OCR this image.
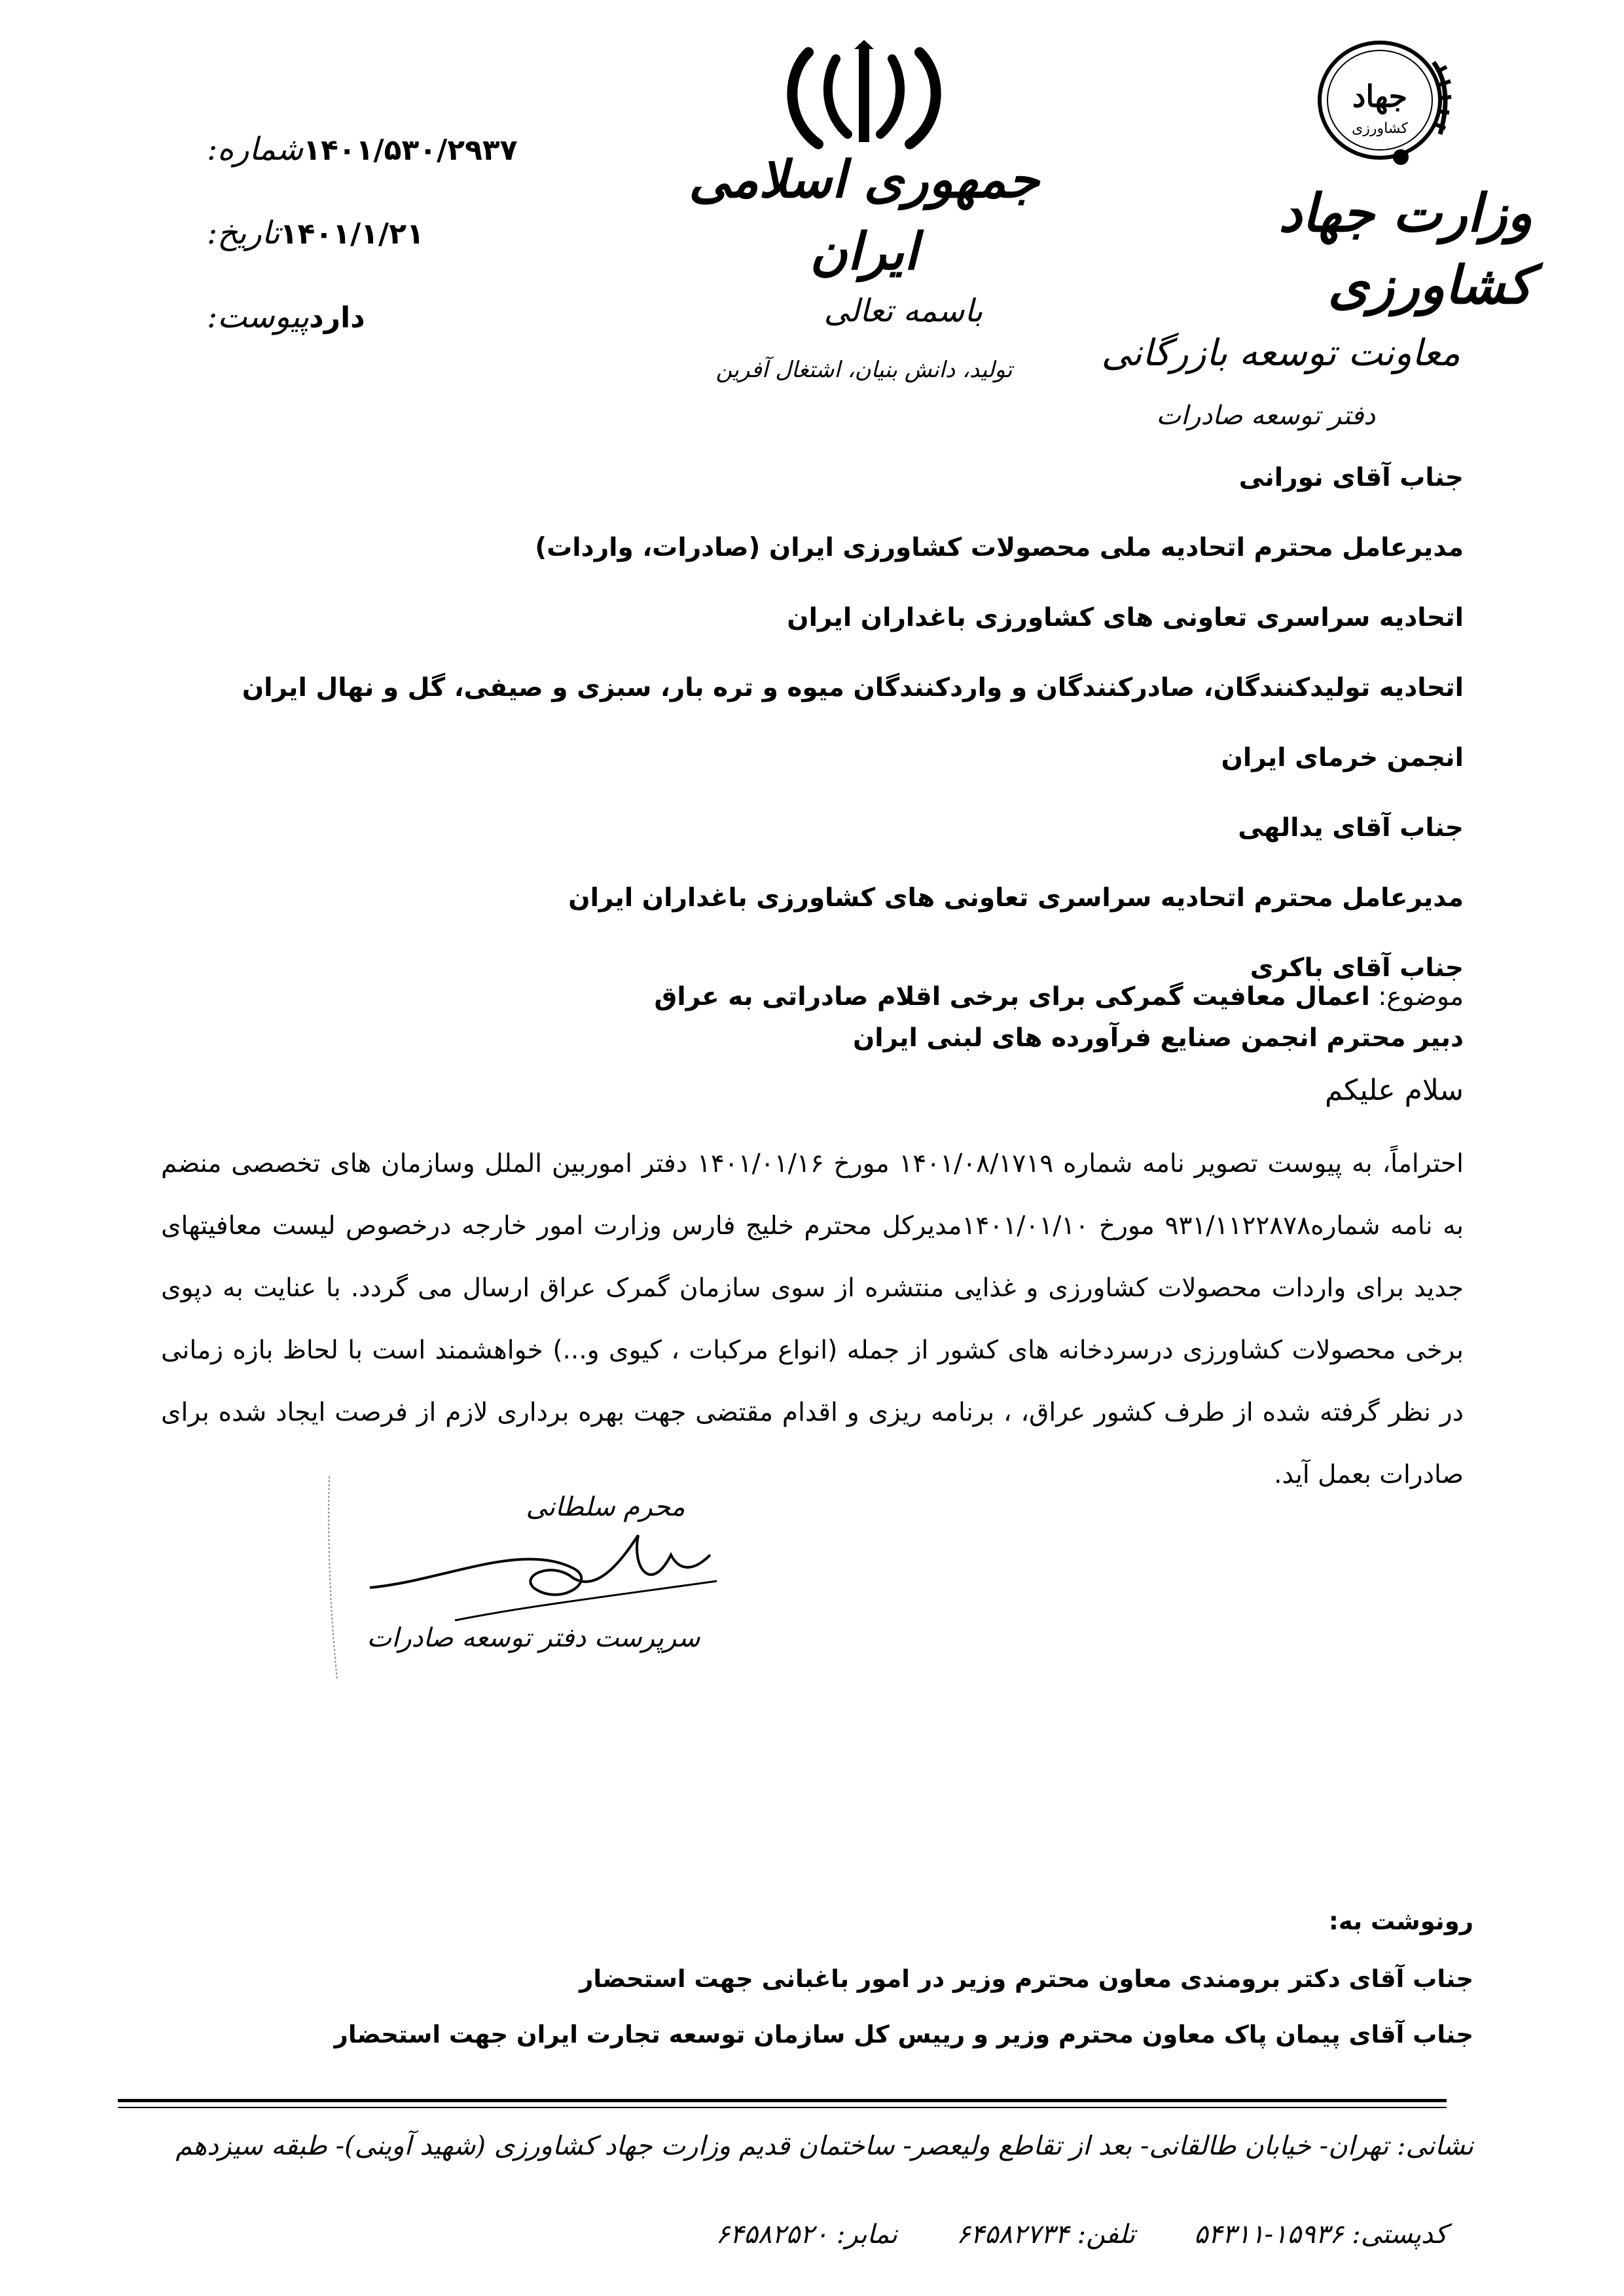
جهاد
کشاورزی
وزارت جهاد کشاورزی
معاونت توسعه بازرگانی
دفتر توسعه صادرات
جمهوری اسلامی ایران
باسمه تعالی
تولید، دانش بنیان، اشتغال آفرین
شماره: ۱۴۰۱/۵۳۰/۲۹۳۷
تاریخ: ۱۴۰۱/۱/۲۱
پیوست: دارد
جناب آقای نورانی
مدیرعامل محترم اتحادیه ملی محصولات کشاورزی ایران (صادرات، واردات)
اتحادیه سراسری تعاونی های کشاورزی باغداران ایران
اتحادیه تولیدکنندگان، صادرکنندگان و واردکنندگان میوه و تره بار، سبزی و صیفی، گل و نهال ایران
انجمن خرمای ایران
جناب آقای یدالهی
مدیرعامل محترم اتحادیه سراسری تعاونی های کشاورزی باغداران ایران
جناب آقای باکری
دبیر محترم انجمن صنایع فرآورده های لبنی ایران
موضوع: اعمال معافیت گمرکی برای برخی اقلام صادراتی به عراق
سلام علیکم
احتراماً، به پیوست تصویر نامه شماره ۱۴۰۱/۰۸/۱۷۱۹ مورخ ۱۴۰۱/۰۱/۱۶ دفتر اموربین الملل وسازمان های تخصصی منضم به نامه شماره۹۳۱/۱۱۲۲۸۷۸ مورخ ۱۴۰۱/۰۱/۱۰مدیرکل محترم خلیج فارس وزارت امور خارجه درخصوص لیست معافیتهای جدید برای واردات محصولات کشاورزی و غذایی منتشره از سوی سازمان گمرک عراق ارسال می گردد. با عنایت به دپوی برخی محصولات کشاورزی درسردخانه های کشور از جمله (انواع مرکبات ، کیوی و...) خواهشمند است با لحاظ بازه زمانی در نظر گرفته شده از طرف کشور عراق، ، برنامه ریزی و اقدام مقتضی جهت بهره برداری لازم از فرصت ایجاد شده برای صادرات بعمل آید.
محرم سلطانی
سرپرست دفتر توسعه صادرات
رونوشت به:
جناب آقای دکتر برومندی معاون محترم وزیر در امور باغبانی جهت استحضار
جناب آقای پیمان پاک معاون محترم وزیر و رییس کل سازمان توسعه تجارت ایران جهت استحضار
نشانی: تهران- خیابان طالقانی- بعد از تقاطع ولیعصر- ساختمان قدیم وزارت جهاد کشاورزی (شهید آوینی)- طبقه سیزدهم
کدپستی: ۱۵۹۳۶-۵۴۳۱۱
تلفن: ۶۴۵۸۲۷۳۴
نمابر: ۶۴۵۸۲۵۲۰
